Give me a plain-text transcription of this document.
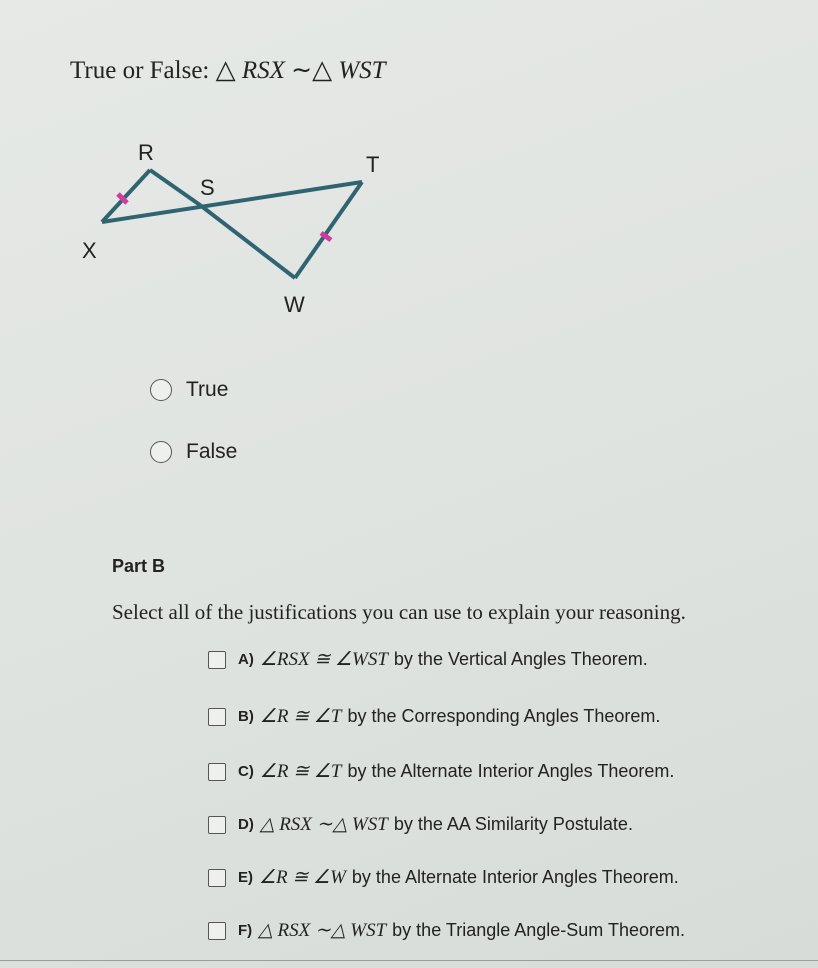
True or False: △ RSX ∼△ WST
R
S
T
X
W
True
False
Part B
Select all of the justifications you can use to explain your reasoning.
A) ∠RSX ≅ ∠WST by the Vertical Angles Theorem.
B) ∠R ≅ ∠T by the Corresponding Angles Theorem.
C) ∠R ≅ ∠T by the Alternate Interior Angles Theorem.
D) △ RSX ∼△ WST by the AA Similarity Postulate.
E) ∠R ≅ ∠W by the Alternate Interior Angles Theorem.
F) △ RSX ∼△ WST by the Triangle Angle-Sum Theorem.
